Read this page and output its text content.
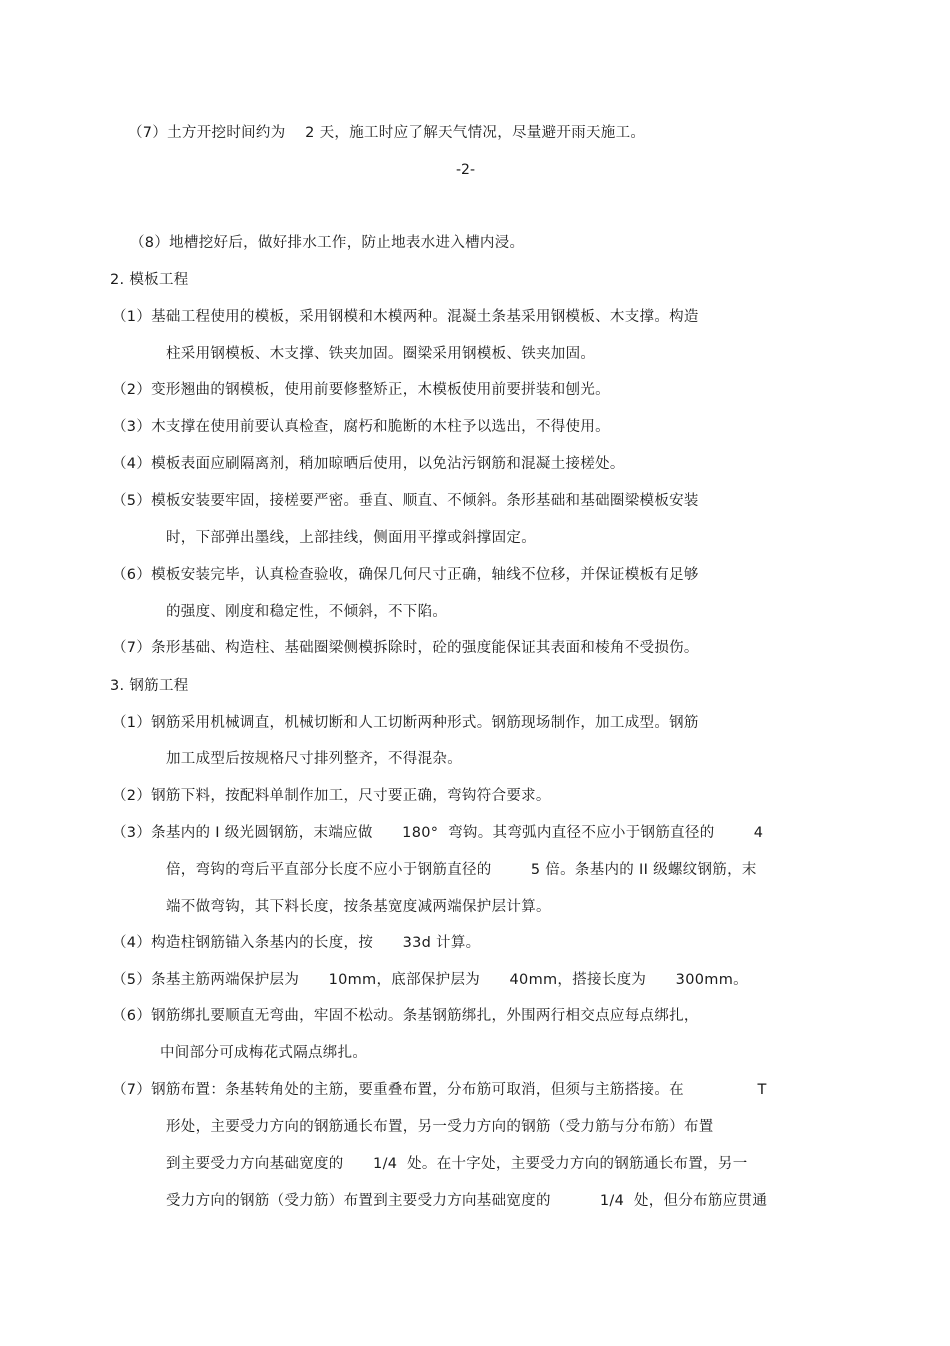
（7）土方开挖时间约为    2 天，施工时应了解天气情况，尽量避开雨天施工。
-2-
（8）地槽挖好后，做好排水工作，防止地表水进入槽内浸。
2. 模板工程
（1）基础工程使用的模板，采用钢模和木模两种。混凝土条基采用钢模板、木支撑。构造
柱采用钢模板、木支撑、铁夹加固。圈梁采用钢模板、铁夹加固。
（2）变形翘曲的钢模板，使用前要修整矫正，木模板使用前要拼装和刨光。
（3）木支撑在使用前要认真检查，腐朽和脆断的木柱予以选出，不得使用。
（4）模板表面应刷隔离剂，稍加晾晒后使用，以免沾污钢筋和混凝土接槎处。
（5）模板安装要牢固，接槎要严密。垂直、顺直、不倾斜。条形基础和基础圈梁模板安装
时，下部弹出墨线，上部挂线，侧面用平撑或斜撑固定。
（6）模板安装完毕，认真检查验收，确保几何尺寸正确，轴线不位移，并保证模板有足够
的强度、刚度和稳定性，不倾斜，不下陷。
（7）条形基础、构造柱、基础圈梁侧模拆除时，砼的强度能保证其表面和棱角不受损伤。
3. 钢筋工程
（1）钢筋采用机械调直，机械切断和人工切断两种形式。钢筋现场制作，加工成型。钢筋
加工成型后按规格尺寸排列整齐，不得混杂。
（2）钢筋下料，按配料单制作加工，尺寸要正确，弯钩符合要求。
（3）条基内的 I 级光圆钢筋，末端应做      180°  弯钩。其弯弧内直径不应小于钢筋直径的        4
倍，弯钩的弯后平直部分长度不应小于钢筋直径的        5 倍。条基内的 II 级螺纹钢筋，末
端不做弯钩，其下料长度，按条基宽度减两端保护层计算。
（4）构造柱钢筋锚入条基内的长度，按      33d 计算。
（5）条基主筋两端保护层为      10mm，底部保护层为      40mm，搭接长度为      300mm。
（6）钢筋绑扎要顺直无弯曲，牢固不松动。条基钢筋绑扎，外围两行相交点应每点绑扎，
中间部分可成梅花式隔点绑扎。
（7）钢筋布置：条基转角处的主筋，要重叠布置，分布筋可取消，但须与主筋搭接。在               T
形处，主要受力方向的钢筋通长布置，另一受力方向的钢筋（受力筋与分布筋）布置
到主要受力方向基础宽度的      1/4  处。在十字处，主要受力方向的钢筋通长布置，另一
受力方向的钢筋（受力筋）布置到主要受力方向基础宽度的          1/4  处，但分布筋应贯通
